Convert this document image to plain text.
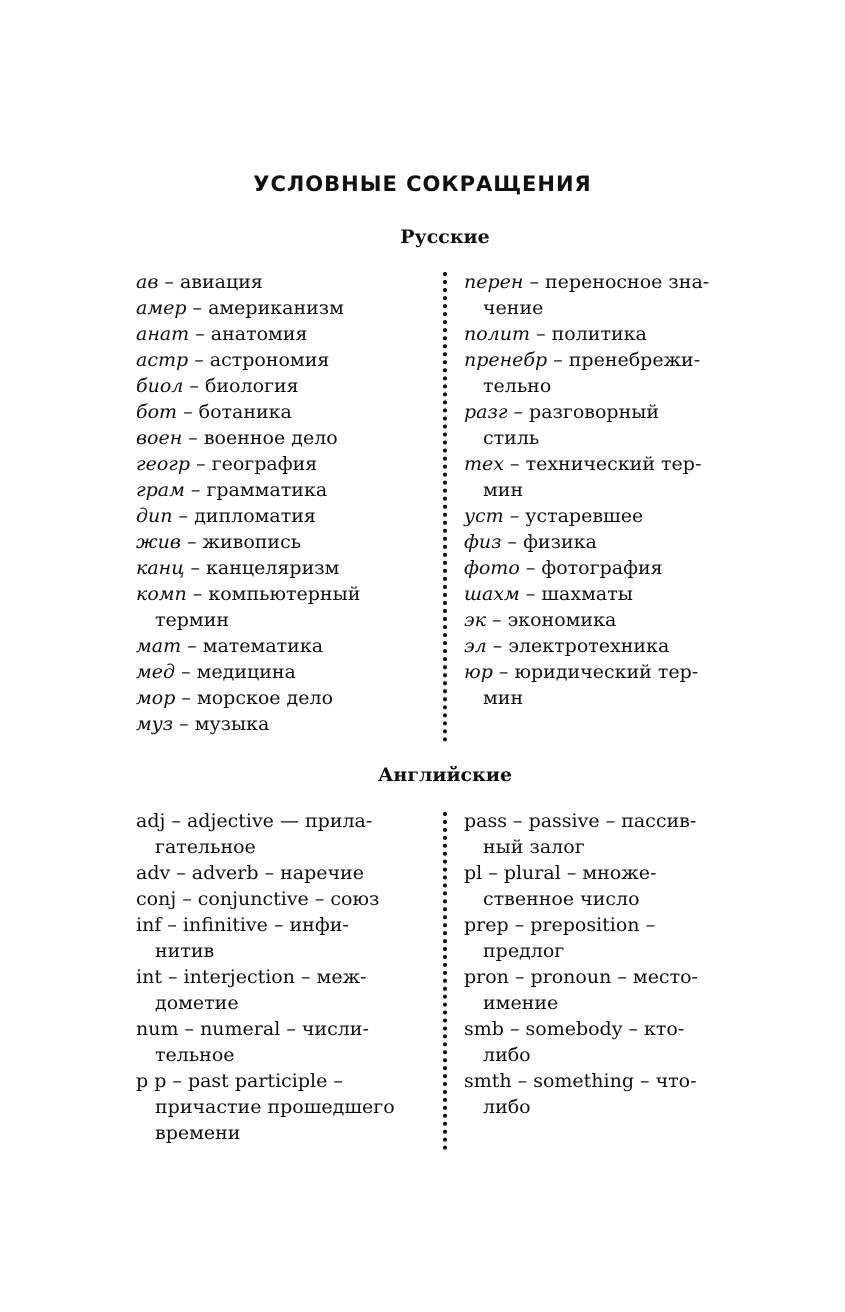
УСЛОВНЫЕ СОКРАЩЕНИЯ
Русские

ав – авиация

амер – американизм

анат – анатомия

астр – астрономия

биол – биология

бот – ботаника

воен – военное дело

геогр – география

грам – грамматика

дип – дипломатия

жив – живопись

канц – канцеляризм

комп – компьютерный

термин

мат – математика

мед – медицина

мор – морское дело

муз – музыка

перен – переносное зна-

чение

полит – политика

пренебр – пренебрежи-

тельно

разг – разговорный

стиль

тех – технический тер-

мин

уст – устаревшее

физ – физика

фото – фотография

шахм – шахматы

эк – экономика

эл – электротехника

юр – юридический тер-

мин

Английские

adj – adjective — прила-

гательное

adv – adverb – наречие

conj – conjunctive – союз

inf – infinitive – инфи-

нитив

int – interjection – меж-

дометие

num – numeral – числи-

тельное

p p – past participle –

причастие прошедшего

времени

pass – passive – пассив-

ный залог

pl – plural – множе-

ственное число

prep – preposition –

предлог

pron – pronoun – место-

имение

smb – somebody – кто-

либо

smth – something – что-

либо
